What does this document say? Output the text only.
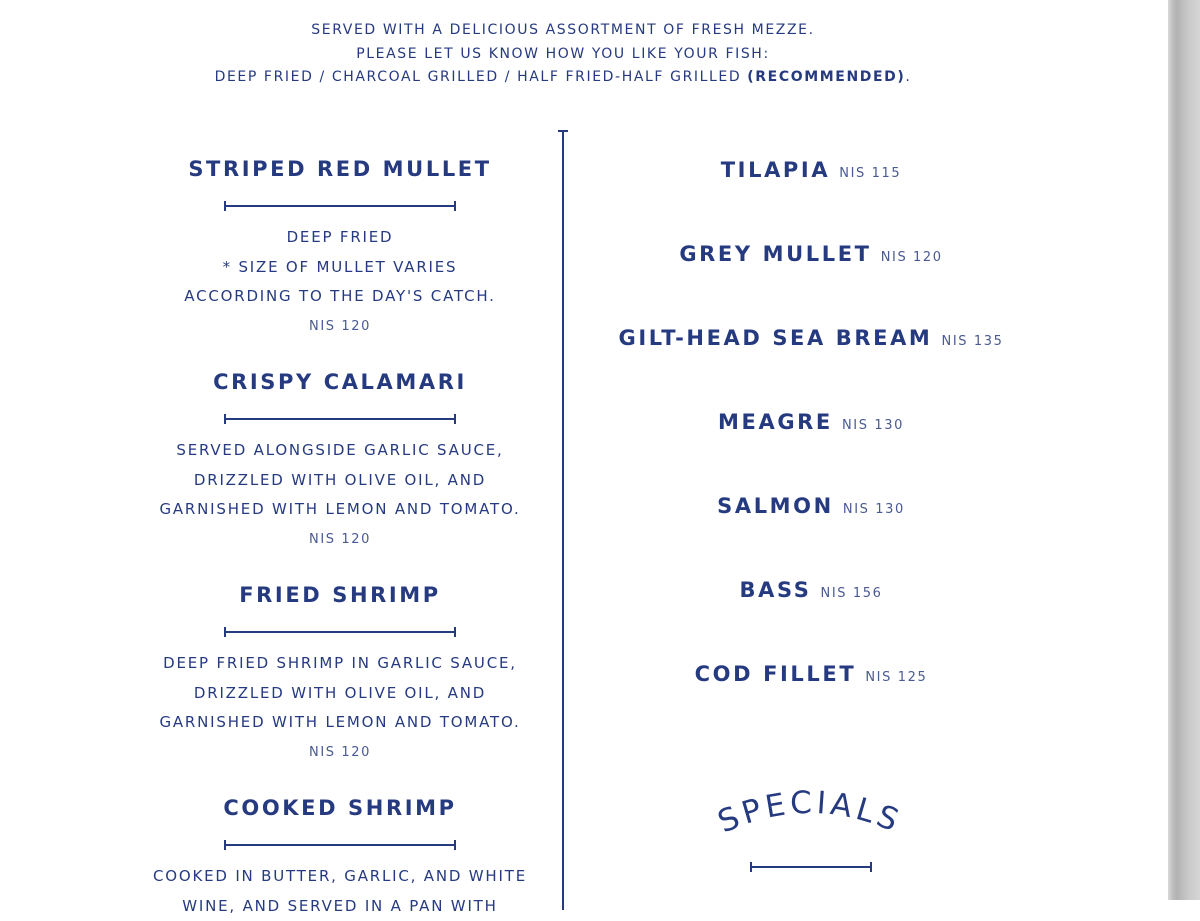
SERVED WITH A DELICIOUS ASSORTMENT OF FRESH MEZZE.
PLEASE LET US KNOW HOW YOU LIKE YOUR FISH:
DEEP FRIED / CHARCOAL GRILLED / HALF FRIED-HALF GRILLED (RECOMMENDED).
STRIPED RED MULLET
DEEP FRIED
* SIZE OF MULLET VARIES
ACCORDING TO THE DAY'S CATCH.
NIS 120
CRISPY CALAMARI
SERVED ALONGSIDE GARLIC SAUCE,
DRIZZLED WITH OLIVE OIL, AND
GARNISHED WITH LEMON AND TOMATO.
NIS 120
FRIED SHRIMP
DEEP FRIED SHRIMP IN GARLIC SAUCE,
DRIZZLED WITH OLIVE OIL, AND
GARNISHED WITH LEMON AND TOMATO.
NIS 120
COOKED SHRIMP
COOKED IN BUTTER, GARLIC, AND WHITE
WINE, AND SERVED IN A PAN WITH
TILAPIA NIS 115
GREY MULLET NIS 120
GILT-HEAD SEA BREAM NIS 135
MEAGRE NIS 130
SALMON NIS 130
BASS NIS 156
COD FILLET NIS 125
SPECIALS
